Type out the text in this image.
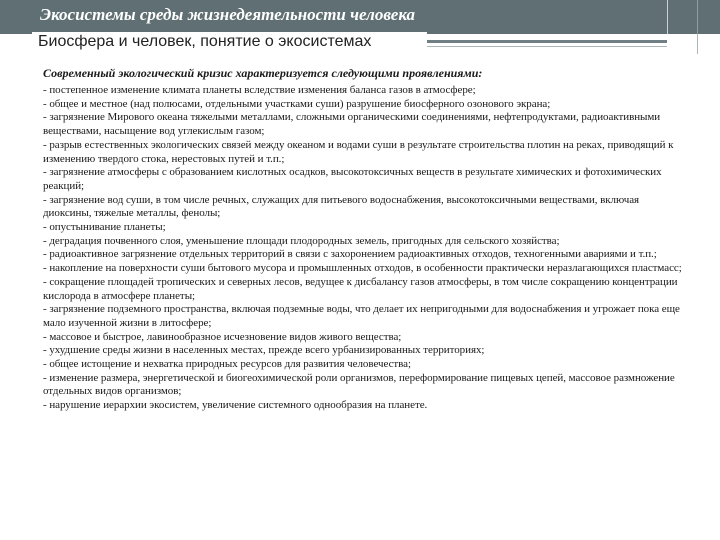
Экосистемы среды жизнедеятельности человека
Биосфера и человек, понятие о экосистемах

Современный экологический кризис характеризуется следующими проявлениями:

- постепенное изменение климата планеты вследствие изменения баланса газов в атмосфере;

- общее и местное (над полюсами, отдельными участками суши) разрушение биосферного озонового экрана;

- загрязнение Мирового океана тяжелыми металлами, сложными органическими соединениями, нефтепродуктами, радиоактивными веществами, насыщение вод углекислым газом;

- разрыв естественных экологических связей между океаном и водами суши в результате строительства плотин на реках, приводящий к изменению твердого стока, нерестовых путей и т.п.;

- загрязнение атмосферы с образованием кислотных осадков, высокотоксичных веществ в результате химических и фотохимических реакций;

- загрязнение вод суши, в том числе речных, служащих для питьевого водоснабжения, высокотоксичными веществами, включая диоксины, тяжелые металлы, фенолы;

- опустынивание планеты;

- деградация почвенного слоя, уменьшение площади плодородных земель, пригодных для сельского хозяйства;

- радиоактивное загрязнение отдельных территорий в связи с захоронением радиоактивных отходов, техногенными авариями и т.п.;

- накопление на поверхности суши бытового мусора и промышленных отходов, в особенности практически неразлагающихся пластмасс;

- сокращение площадей тропических и северных лесов, ведущее к дисбалансу газов атмосферы, в том числе сокращению концентрации кислорода в атмосфере планеты;

- загрязнение подземного пространства, включая подземные воды, что делает их непригодными для водоснабжения и угрожает пока еще мало изученной жизни в литосфере;

- массовое и быстрое, лавинообразное исчезновение видов живого вещества;

- ухудшение среды жизни в населенных местах, прежде всего урбанизированных территориях;

- общее истощение и нехватка природных ресурсов для развития человечества;

- изменение размера, энергетической и биогеохимической роли организмов, переформирование пищевых цепей, массовое размножение отдельных видов организмов;

- нарушение иерархии экосистем, увеличение системного однообразия на планете.
